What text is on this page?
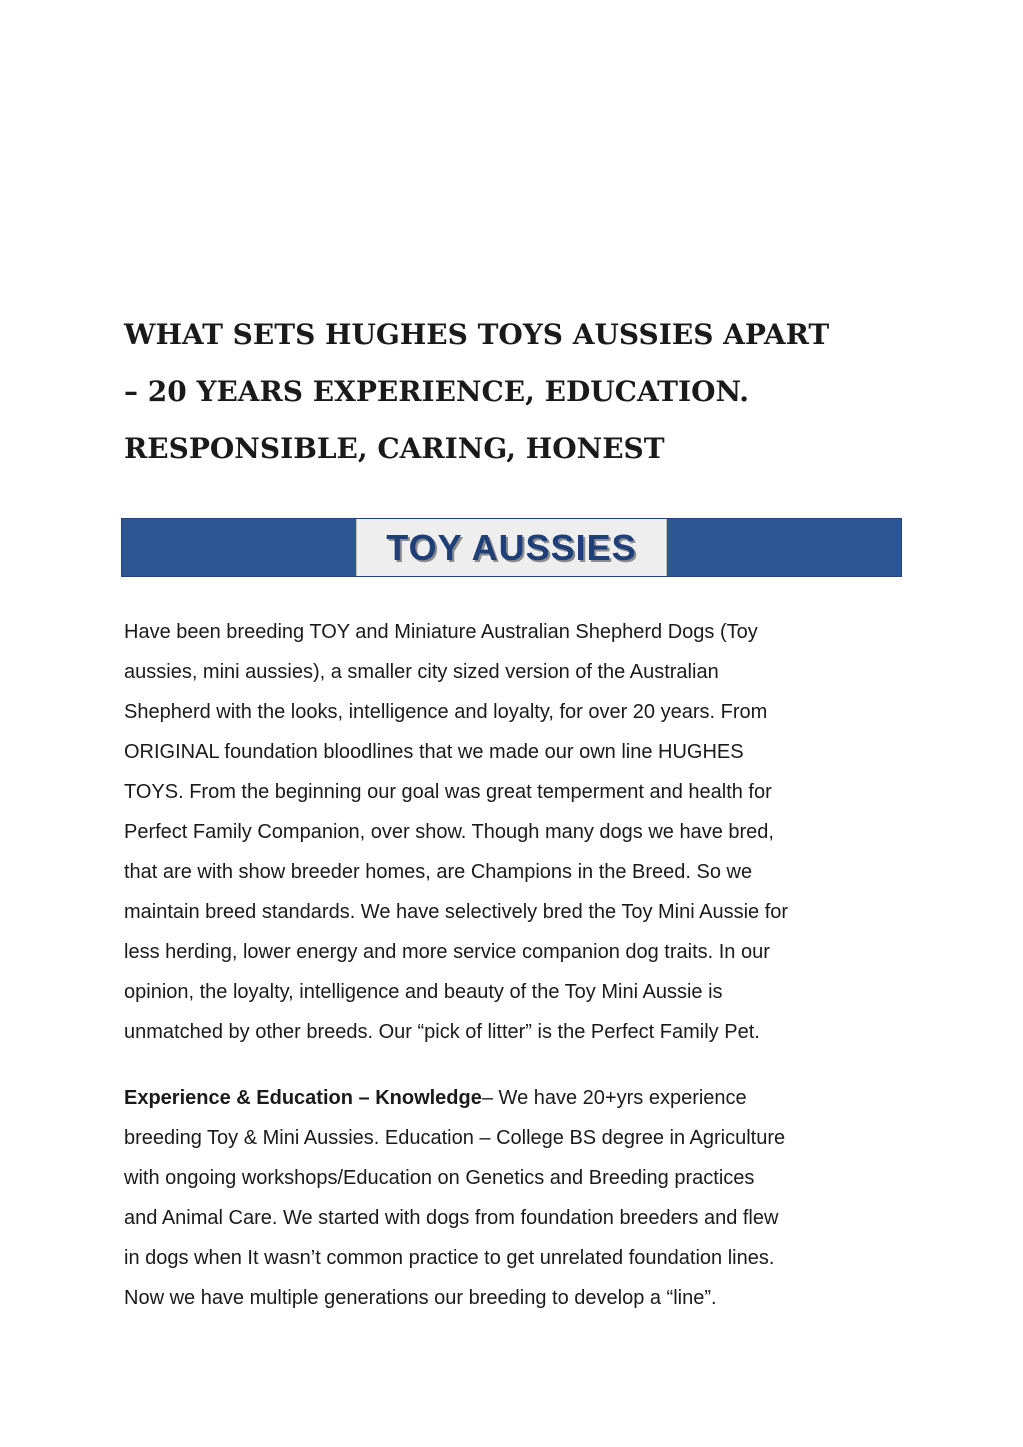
WHAT SETS HUGHES TOYS AUSSIES APART
– 20 YEARS EXPERIENCE, EDUCATION.
RESPONSIBLE, CARING, HONEST
TOY AUSSIES

Have been breeding TOY and Miniature Australian Shepherd Dogs (Toy
aussies, mini aussies), a smaller city sized version of the Australian
Shepherd with the looks, intelligence and loyalty, for over 20 years. From
ORIGINAL foundation bloodlines that we made our own line HUGHES
TOYS. From the beginning our goal was great temperment and health for
Perfect Family Companion, over show. Though many dogs we have bred,
that are with show breeder homes, are Champions in the Breed. So we
maintain breed standards. We have selectively bred the Toy Mini Aussie for
less herding, lower energy and more service companion dog traits. In our
opinion, the loyalty, intelligence and beauty of the Toy Mini Aussie is
unmatched by other breeds. Our “pick of litter” is the Perfect Family Pet.

Experience & Education – Knowledge– We have 20+yrs experience
breeding Toy & Mini Aussies. Education – College BS degree in Agriculture
with ongoing workshops/Education on Genetics and Breeding practices
and Animal Care. We started with dogs from foundation breeders and flew
in dogs when It wasn’t common practice to get unrelated foundation lines.
Now we have multiple generations our breeding to develop a “line”.
